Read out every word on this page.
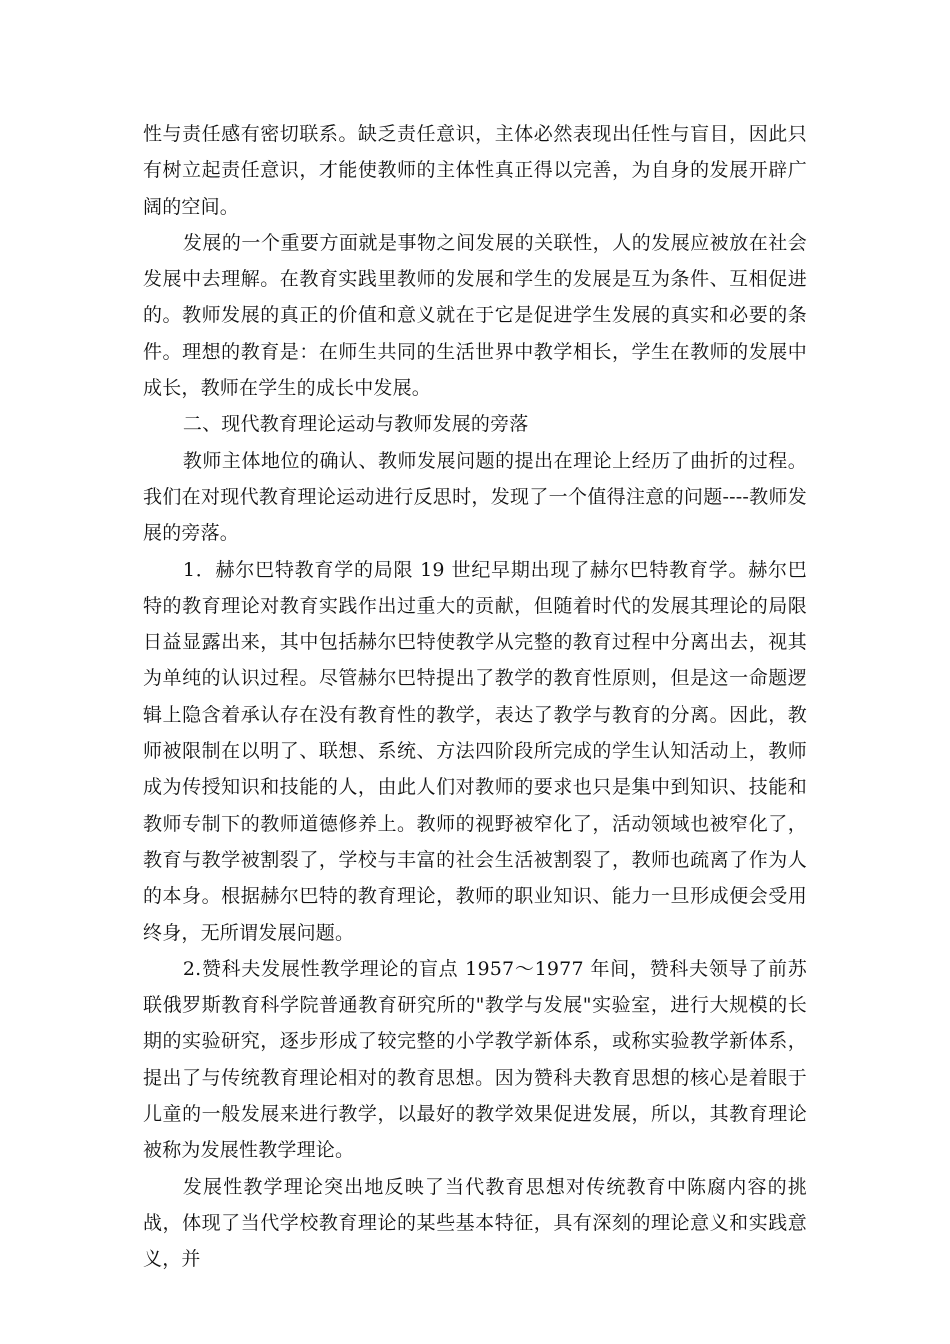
性与责任感有密切联系。缺乏责任意识，主体必然表现出任性与盲目，因此只有树立起责任意识，才能使教师的主体性真正得以完善，为自身的发展开辟广阔的空间。

发展的一个重要方面就是事物之间发展的关联性，人的发展应被放在社会发展中去理解。在教育实践里教师的发展和学生的发展是互为条件、互相促进的。教师发展的真正的价值和意义就在于它是促进学生发展的真实和必要的条件。理想的教育是：在师生共同的生活世界中教学相长，学生在教师的发展中成长，教师在学生的成长中发展。

二、现代教育理论运动与教师发展的旁落

教师主体地位的确认、教师发展问题的提出在理论上经历了曲折的过程。我们在对现代教育理论运动进行反思时，发现了一个值得注意的问题----教师发展的旁落。

1．赫尔巴特教育学的局限 19 世纪早期出现了赫尔巴特教育学。赫尔巴特的教育理论对教育实践作出过重大的贡献，但随着时代的发展其理论的局限日益显露出来，其中包括赫尔巴特使教学从完整的教育过程中分离出去，视其为单纯的认识过程。尽管赫尔巴特提出了教学的教育性原则，但是这一命题逻辑上隐含着承认存在没有教育性的教学，表达了教学与教育的分离。因此，教师被限制在以明了、联想、系统、方法四阶段所完成的学生认知活动上，教师成为传授知识和技能的人，由此人们对教师的要求也只是集中到知识、技能和教师专制下的教师道德修养上。教师的视野被窄化了，活动领域也被窄化了，教育与教学被割裂了，学校与丰富的社会生活被割裂了，教师也疏离了作为人的本身。根据赫尔巴特的教育理论，教师的职业知识、能力一旦形成便会受用终身，无所谓发展问题。

2.赞科夫发展性教学理论的盲点 1957～1977 年间，赞科夫领导了前苏联俄罗斯教育科学院普通教育研究所的"教学与发展"实验室，进行大规模的长期的实验研究，逐步形成了较完整的小学教学新体系，或称实验教学新体系，提出了与传统教育理论相对的教育思想。因为赞科夫教育思想的核心是着眼于儿童的一般发展来进行教学，以最好的教学效果促进发展，所以，其教育理论被称为发展性教学理论。

发展性教学理论突出地反映了当代教育思想对传统教育中陈腐内容的挑战，体现了当代学校教育理论的某些基本特征，具有深刻的理论意义和实践意义，并
